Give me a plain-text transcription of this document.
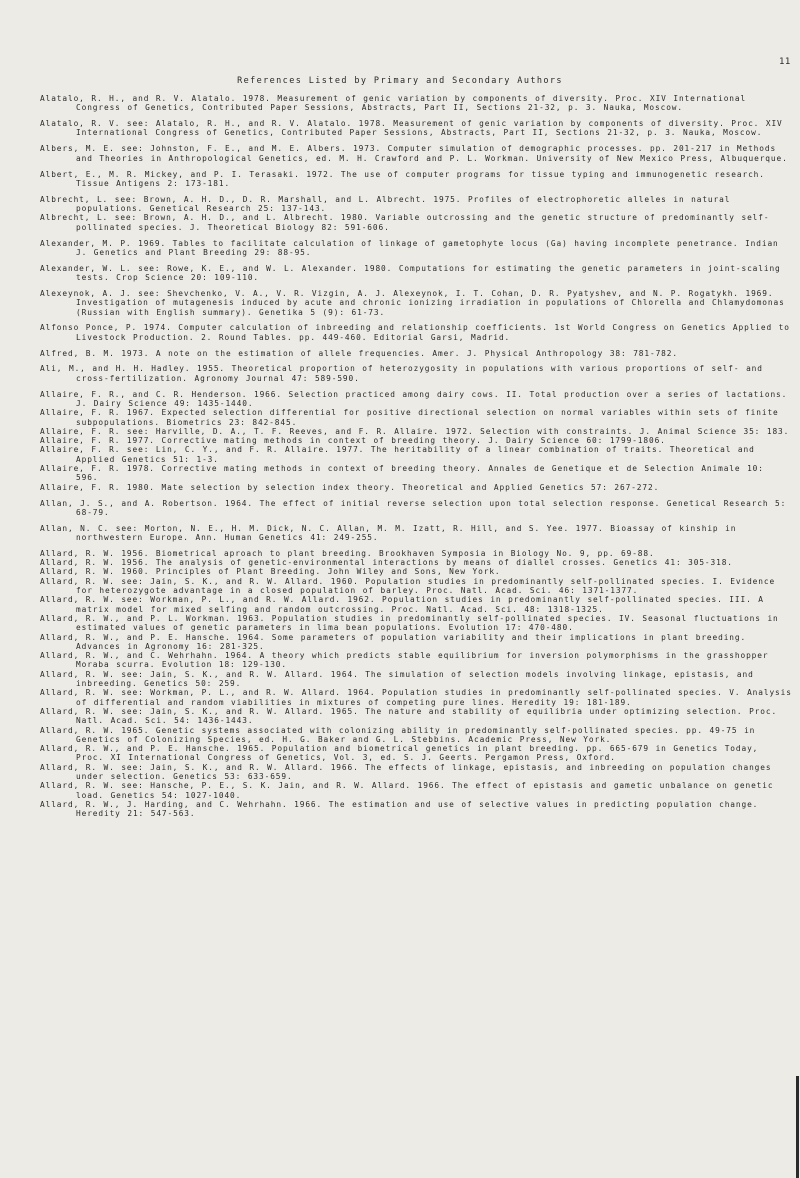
11
References Listed by Primary and Secondary Authors
Alatalo, R. H., and R. V. Alatalo. 1978. Measurement of genic variation by components of diversity. Proc. XIV International Congress of Genetics, Contributed Paper Sessions, Abstracts, Part II, Sections 21-32, p. 3. Nauka, Moscow.
Alatalo, R. V. see: Alatalo, R. H., and R. V. Alatalo. 1978. Measurement of genic variation by components of diversity. Proc. XIV International Congress of Genetics, Contributed Paper Sessions, Abstracts, Part II, Sections 21-32, p. 3. Nauka, Moscow.
Albers, M. E. see: Johnston, F. E., and M. E. Albers. 1973. Computer simulation of demographic processes. pp. 201-217 in Methods and Theories in Anthropological Genetics, ed. M. H. Crawford and P. L. Workman. University of New Mexico Press, Albuquerque.
Albert, E., M. R. Mickey, and P. I. Terasaki. 1972. The use of computer programs for tissue typing and immunogenetic research. Tissue Antigens 2: 173-181.
Albrecht, L. see: Brown, A. H. D., D. R. Marshall, and L. Albrecht. 1975. Profiles of electrophoretic alleles in natural populations. Genetical Research 25: 137-143.
Albrecht, L. see: Brown, A. H. D., and L. Albrecht. 1980. Variable outcrossing and the genetic structure of predominantly self-pollinated species. J. Theoretical Biology 82: 591-606.
Alexander, M. P. 1969. Tables to facilitate calculation of linkage of gametophyte locus (Ga) having incomplete penetrance. Indian J. Genetics and Plant Breeding 29: 88-95.
Alexander, W. L. see: Rowe, K. E., and W. L. Alexander. 1980. Computations for estimating the genetic parameters in joint-scaling tests. Crop Science 20: 109-110.
Alexeynok, A. J. see: Shevchenko, V. A., V. R. Vizgin, A. J. Alexeynok, I. T. Cohan, D. R. Pyatyshev, and N. P. Rogatykh. 1969. Investigation of mutagenesis induced by acute and chronic ionizing irradiation in populations of Chlorella and Chlamydomonas (Russian with English summary). Genetika 5 (9): 61-73.
Alfonso Ponce, P. 1974. Computer calculation of inbreeding and relationship coefficients. 1st World Congress on Genetics Applied to Livestock Production. 2. Round Tables. pp. 449-460. Editorial Garsi, Madrid.
Alfred, B. M. 1973. A note on the estimation of allele frequencies. Amer. J. Physical Anthropology 38: 781-782.
Ali, M., and H. H. Hadley. 1955. Theoretical proportion of heterozygosity in populations with various proportions of self- and cross-fertilization. Agronomy Journal 47: 589-590.
Allaire, F. R., and C. R. Henderson. 1966. Selection practiced among dairy cows. II. Total production over a series of lactations. J. Dairy Science 49: 1435-1440.
Allaire, F. R. 1967. Expected selection differential for positive directional selection on normal variables within sets of finite subpopulations. Biometrics 23: 842-845.
Allaire, F. R. see: Harville, D. A., T. F. Reeves, and F. R. Allaire. 1972. Selection with constraints. J. Animal Science 35: 183.
Allaire, F. R. 1977. Corrective mating methods in context of breeding theory. J. Dairy Science 60: 1799-1806.
Allaire, F. R. see: Lin, C. Y., and F. R. Allaire. 1977. The heritability of a linear combination of traits. Theoretical and Applied Genetics 51: 1-3.
Allaire, F. R. 1978. Corrective mating methods in context of breeding theory. Annales de Genetique et de Selection Animale 10: 596.
Allaire, F. R. 1980. Mate selection by selection index theory. Theoretical and Applied Genetics 57: 267-272.
Allan, J. S., and A. Robertson. 1964. The effect of initial reverse selection upon total selection response. Genetical Research 5: 68-79.
Allan, N. C. see: Morton, N. E., H. M. Dick, N. C. Allan, M. M. Izatt, R. Hill, and S. Yee. 1977. Bioassay of kinship in northwestern Europe. Ann. Human Genetics 41: 249-255.
Allard, R. W. 1956. Biometrical aproach to plant breeding. Brookhaven Symposia in Biology No. 9, pp. 69-88.
Allard, R. W. 1956. The analysis of genetic-environmental interactions by means of diallel crosses. Genetics 41: 305-318.
Allard, R. W. 1960. Principles of Plant Breeding. John Wiley and Sons, New York.
Allard, R. W. see: Jain, S. K., and R. W. Allard. 1960. Population studies in predominantly self-pollinated species. I. Evidence for heterozygote advantage in a closed population of barley. Proc. Natl. Acad. Sci. 46: 1371-1377.
Allard, R. W. see: Workman, P. L., and R. W. Allard. 1962. Population studies in predominantly self-pollinated species. III. A matrix model for mixed selfing and random outcrossing. Proc. Natl. Acad. Sci. 48: 1318-1325.
Allard, R. W., and P. L. Workman. 1963. Population studies in predominantly self-pollinated species. IV. Seasonal fluctuations in estimated values of genetic parameters in lima bean populations. Evolution 17: 470-480.
Allard, R. W., and P. E. Hansche. 1964. Some parameters of population variability and their implications in plant breeding. Advances in Agronomy 16: 281-325.
Allard, R. W., and C. Wehrhahn. 1964. A theory which predicts stable equilibrium for inversion polymorphisms in the grasshopper Moraba scurra. Evolution 18: 129-130.
Allard, R. W. see: Jain, S. K., and R. W. Allard. 1964. The simulation of selection models involving linkage, epistasis, and inbreeding. Genetics 50: 259.
Allard, R. W. see: Workman, P. L., and R. W. Allard. 1964. Population studies in predominantly self-pollinated species. V. Analysis of differential and random viabilities in mixtures of competing pure lines. Heredity 19: 181-189.
Allard, R. W. see: Jain, S. K., and R. W. Allard. 1965. The nature and stability of equilibria under optimizing selection. Proc. Natl. Acad. Sci. 54: 1436-1443.
Allard, R. W. 1965. Genetic systems associated with colonizing ability in predominantly self-pollinated species. pp. 49-75 in Genetics of Colonizing Species, ed. H. G. Baker and G. L. Stebbins. Academic Press, New York.
Allard, R. W., and P. E. Hansche. 1965. Population and biometrical genetics in plant breeding. pp. 665-679 in Genetics Today, Proc. XI International Congress of Genetics, Vol. 3, ed. S. J. Geerts. Pergamon Press, Oxford.
Allard, R. W. see: Jain, S. K., and R. W. Allard. 1966. The effects of linkage, epistasis, and inbreeding on population changes under selection. Genetics 53: 633-659.
Allard, R. W. see: Hansche, P. E., S. K. Jain, and R. W. Allard. 1966. The effect of epistasis and gametic unbalance on genetic load. Genetics 54: 1027-1040.
Allard, R. W., J. Harding, and C. Wehrhahn. 1966. The estimation and use of selective values in predicting population change. Heredity 21: 547-563.
